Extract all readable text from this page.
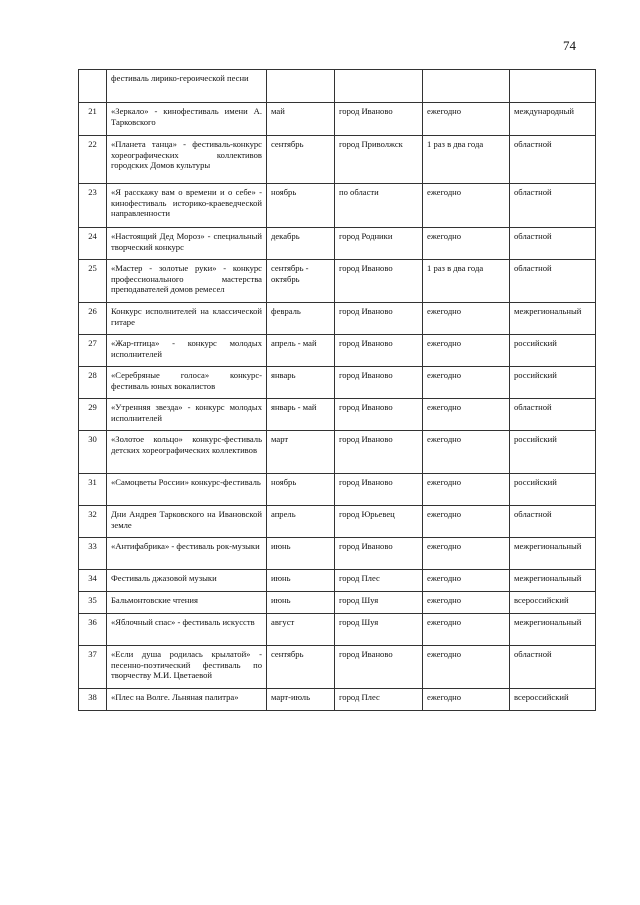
74
	фестиваль лирико-героической песни				
21	«Зеркало» - кинофестиваль имени А. Тарковского	май	город Иваново	ежегодно	международный
22	«Планета танца» - фестиваль-конкурс хореографических коллективов городских Домов культуры	сентябрь	город Приволжск	1 раз в два года	областной
23	«Я расскажу вам о времени и о себе» - кинофестиваль историко-краеведческой направленности	ноябрь	по области	ежегодно	областной
24	«Настоящий Дед Мороз» - специальный творческий конкурс	декабрь	город Родники	ежегодно	областной
25	«Мастер - золотые руки» - конкурс профессионального мастерства преподавателей домов ремесел	сентябрь - октябрь	город Иваново	1 раз в два года	областной
26	Конкурс исполнителей на классической гитаре	февраль	город Иваново	ежегодно	межрегиональный
27	«Жар-птица» - конкурс молодых исполнителей	апрель - май	город Иваново	ежегодно	российский
28	«Серебряные голоса» конкурс-фестиваль юных вокалистов	январь	город Иваново	ежегодно	российский
29	«Утренняя звезда» - конкурс молодых исполнителей	январь - май	город Иваново	ежегодно	областной
30	«Золотое кольцо» конкурс-фестиваль детских хореографических коллективов	март	город Иваново	ежегодно	российский
31	«Самоцветы России» конкурс-фестиваль	ноябрь	город Иваново	ежегодно	российский
32	Дни Андрея Тарковского на Ивановской земле	апрель	город Юрьевец	ежегодно	областной
33	«Антифабрика» - фестиваль рок-музыки	июнь	город Иваново	ежегодно	межрегиональный
34	Фестиваль джазовой музыки	июнь	город Плес	ежегодно	межрегиональный
35	Бальмонтовские чтения	июнь	город Шуя	ежегодно	всероссийский
36	«Яблочный спас» - фестиваль искусств	август	город Шуя	ежегодно	межрегиональный
37	«Если душа родилась крылатой» - песенно-поэтический фестиваль по творчеству М.И. Цветаевой	сентябрь	город Иваново	ежегодно	областной
38	«Плес на Волге. Льняная палитра»	март-июль	город Плес	ежегодно	всероссийский
